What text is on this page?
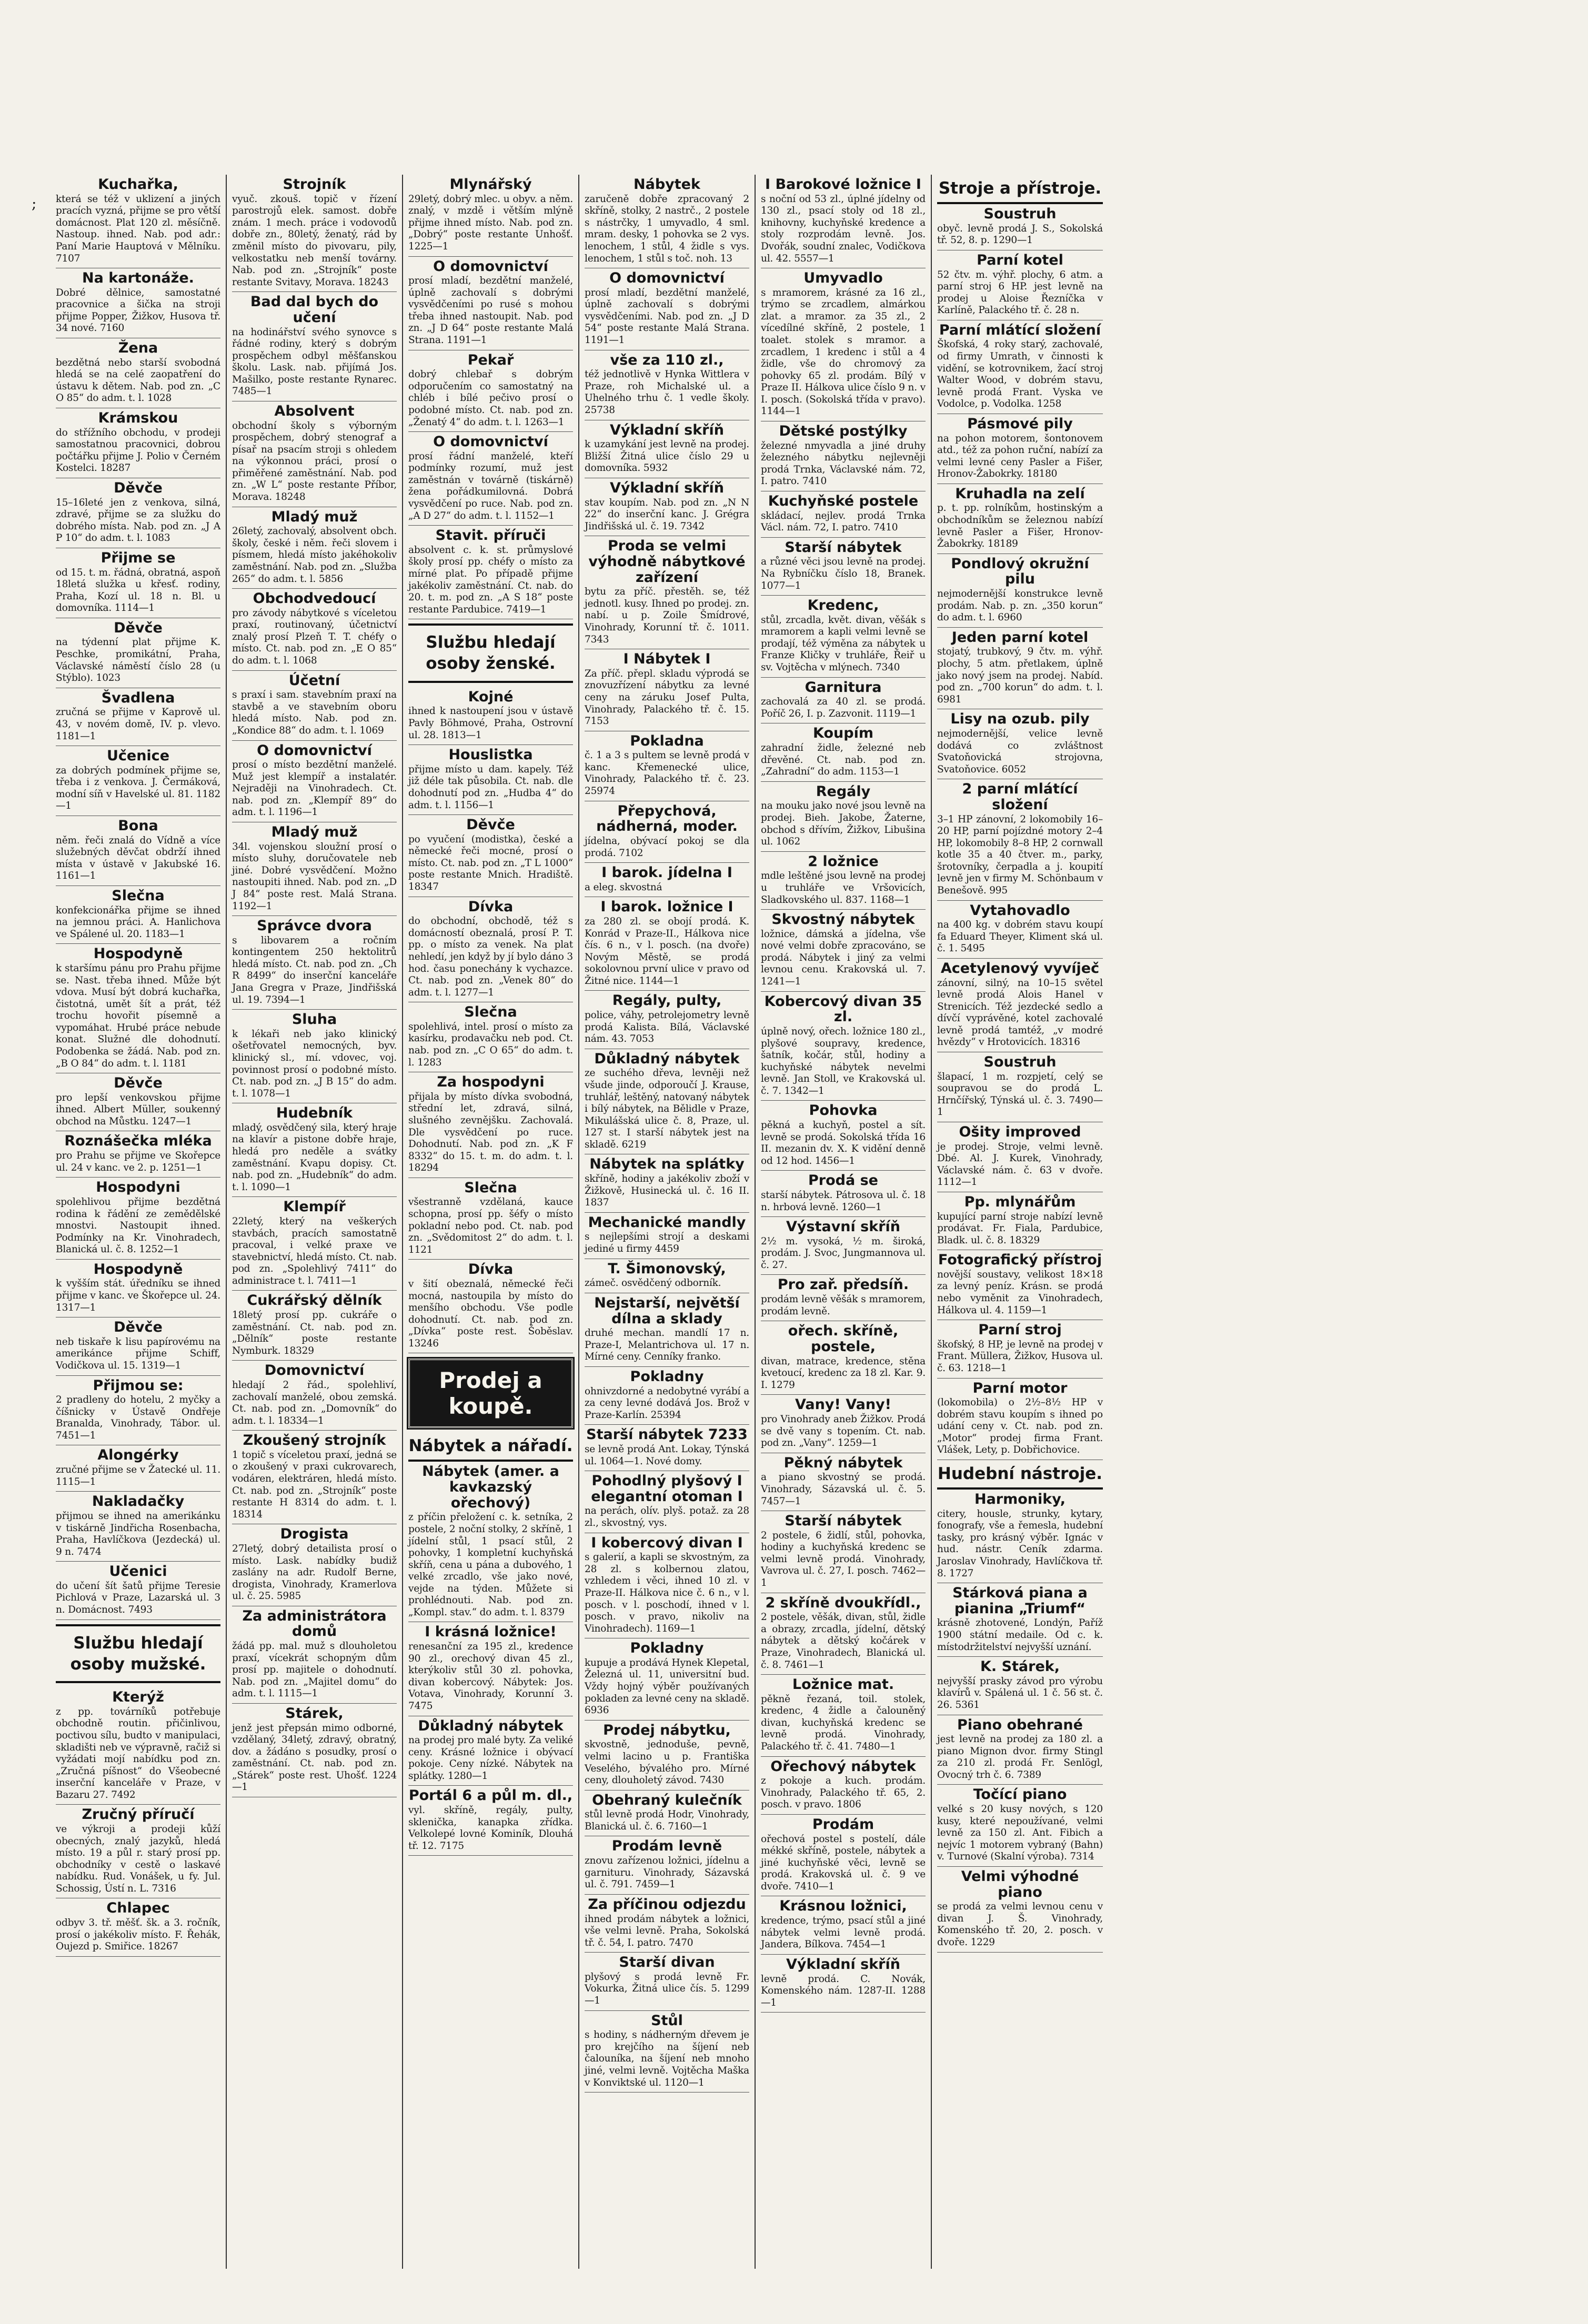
;
Kuchařka,
která se též v uklizení a jiných pracích vyzná, přijme se pro větší domácnost. Plat 120 zl. měsíčně. Nastoup. ihned. Nab. pod adr.: Paní Marie Hauptová v Mělníku. 7107
Na kartonáže.
Dobré dělnice, samostatné pracovnice a šička na stroji přijme Popper, Žižkov, Husova tř. 34 nové. 7160
Žena
bezdětná nebo starší svobodná hledá se na celé zaopatření do ústavu k dětem. Nab. pod zn. „C O 85“ do adm. t. l. 1028
Krámskou
do střížního obchodu, v prodeji samostatnou pracovnici, dobrou počtářku přijme J. Polio v Černém Kostelci. 18287
Děvče
15–16leté jen z venkova, silná, zdravé, přijme se za služku do dobrého místa. Nab. pod zn. „J A P 10“ do adm. t. l. 1083
Přijme se
od 15. t. m. řádná, obratná, aspoň 18letá služka u křesť. rodiny, Praha, Kozí ul. 18 n. Bl. u domovníka. 1114—1
Děvče
na týdenní plat přijme K. Peschke, promikátní, Praha, Václavské náměstí číslo 28 (u Stýblo). 1023
Švadlena
zručná se přijme v Kaprově ul. 43, v novém domě, IV. p. vlevo. 1181—1
Učenice
za dobrých podmínek přijme se, třeba i z venkova. J. Čermáková, modní síň v Havelské ul. 81. 1182—1
Bona
něm. řeči znalá do Vídně a více služebných děvčat obdrží ihned místa v ústavě v Jakubské 16. 1161—1
Slečna
konfekcionářka přijme se ihned na jemnou práci. A. Hanlichova ve Spálené ul. 20. 1183—1
Hospodyně
k staršímu pánu pro Prahu přijme se. Nast. třeba ihned. Může být vdova. Musí být dobrá kuchařka, čistotná, umět šít a prát, též trochu hovořit písemně a vypomáhat. Hrubé práce nebude konat. Služné dle dohodnutí. Podobenka se žádá. Nab. pod zn. „B O 84“ do adm. t. l. 1181
Děvče
pro lepší venkovskou přijme ihned. Albert Müller, soukenný obchod na Můstku. 1247—1
Roznášečka mléka
pro Prahu se přijme ve Skořepce ul. 24 v kanc. ve 2. p. 1251—1
Hospodyni
spolehlivou přijme bezdětná rodina k řádění ze zemědělské mnostvi. Nastoupit ihned. Podmínky na Kr. Vinohradech, Blanická ul. č. 8. 1252—1
Hospodyně
k vyšším stát. úředníku se ihned přijme v kanc. ve Škořepce ul. 24. 1317—1
Děvče
neb tiskaře k lisu papírovému na amerikánce přijme Schiff, Vodičkova ul. 15. 1319—1
Přijmou se:
2 pradleny do hotelu, 2 myčky a číšnicky v Ústavě Ondřeje Branalda, Vinohrady, Tábor. ul. 7451—1
Alongérky
zručné přijme se v Žatecké ul. 11. 1115—1
Nakladačky
přijmou se ihned na amerikánku v tiskárně Jindřicha Rosenbacha, Praha, Havlíčkova (Jezdecká) ul. 9 n. 7474
Učenici
do učení šít šatů přijme Teresie Pichlová v Praze, Lazarská ul. 3 n. Domácnost. 7493
Službu hledají osoby mužské.
Kterýž
z pp. továrníků potřebuje obchodně routin. přičinlivou, poctivou sílu, budto v manipulaci, skladišti neb ve výpravně, račiž si vyžádati mojí nabídku pod zn. „Zručná píšnost“ do Všeobecné inserční kanceláře v Praze, v Bazaru 27. 7492
Zručný příručí
ve výkroji a prodeji kůží obecných, znalý jazyků, hledá místo. 19 a půl r. starý prosí pp. obchodníky v cestě o laskavé nabídku. Rud. Vonášek, u fy. Jul. Schossig, Ústí n. L. 7316
Chlapec
odbyv 3. tř. měšť. šk. a 3. ročník, prosí o jakékoliv místo. F. Řehák, Oujezd p. Smiřice. 18267
Strojník
vyuč. zkouš. topič v řízení parostrojů elek. samost. dobře znám. 1 mech. práce i vodovodů dobře zn., 80letý, ženatý, rád by změnil místo do pivovaru, pily, velkostatku neb menší továrny. Nab. pod zn. „Strojník“ poste restante Svitavy, Morava. 18243
Bad dal bych do učení
na hodinářství svého synovce s řádné rodiny, který s dobrým prospěchem odbyl měšťanskou školu. Lask. nab. přijímá Jos. Mašilko, poste restante Rynarec. 7485—1
Absolvent
obchodní školy s výborným prospěchem, dobrý stenograf a písař na psacím stroji s ohledem na výkonnou práci, prosí o přiměřené zaměstnání. Nab. pod zn. „W L“ poste restante Příbor, Morava. 18248
Mladý muž
26letý, zachovalý, absolvent obch. školy, české i něm. řeči slovem i písmem, hledá místo jakéhokoliv zaměstnání. Nab. pod zn. „Služba 265“ do adm. t. l. 5856
Obchodvedoucí
pro závody nábytkové s víceletou praxí, routinovaný, účetnictví znalý prosí Plzeň T. T. chéfy o místo. Ct. nab. pod zn. „E O 85“ do adm. t. l. 1068
Účetní
s praxí i sam. stavebním praxí na stavbě a ve stavebním oboru hledá místo. Nab. pod zn. „Kondice 88“ do adm. t. l. 1069
O domovnictví
prosí o místo bezdětní manželé. Muž jest klempíř a instalatér. Nejraději na Vinohradech. Ct. nab. pod zn. „Klempíř 89“ do adm. t. l. 1196—1
Mladý muž
34l. vojenskou sloužní prosí o místo sluhy, doručovatele neb jiné. Dobré vysvědčení. Možno nastoupiti ihned. Nab. pod zn. „D J 84“ poste rest. Malá Strana. 1192—1
Správce dvora
s libovarem a ročním kontingentem 250 hektolitrů hledá místo. Ct. nab. pod zn. „Ch R 8499“ do inserční kanceláře Jana Gregra v Praze, Jindřišská ul. 19. 7394—1
Sluha
k lékaři neb jako klinický ošetřovatel nemocných, byv. klinický sl., mí. vdovec, voj. povinnost prosí o podobné místo. Ct. nab. pod zn. „J B 15“ do adm. t. l. 1078—1
Hudebník
mladý, osvědčený sila, který hraje na klavír a pistone dobře hraje, hledá pro neděle a svátky zaměstnání. Kvapu dopisy. Ct. nab. pod zn. „Hudebník“ do adm. t. l. 1090—1
Klempíř
22letý, který na veškerých stavbách, pracích samostatně pracoval, i velké praxe ve stavebnictví, hledá místo. Ct. nab. pod zn. „Spolehlivý 7411“ do administrace t. l. 7411—1
Cukrářský dělník
18letý prosí pp. cukráře o zaměstnání. Ct. nab. pod zn. „Dělník“ poste restante Nymburk. 18329
Domovnictví
hledají 2 řád., spolehliví, zachovalí manželé, obou zemská. Ct. nab. pod zn. „Domovník“ do adm. t. l. 18334—1
Zkoušený strojník
1 topič s víceletou praxí, jedná se o zkoušený v praxi cukrovarech, vodáren, elektráren, hledá místo. Ct. nab. pod zn. „Strojník“ poste restante H 8314 do adm. t. l. 18314
Drogista
27letý, dobrý detailista prosí o místo. Lask. nabídky budiž zaslány na adr. Rudolf Berne, drogista, Vinohrady, Kramerlova ul. č. 25. 5985
Za administrátora domů
žádá pp. mal. muž s dlouholetou praxí, vícekrát schopným dům prosí pp. majitele o dohodnutí. Nab. pod zn. „Majitel domu“ do adm. t. l. 1115—1
Stárek,
jenž jest přepsán mimo odborné, vzdělaný, 34letý, zdravý, obratný, dov. a žádáno s posudky, prosí o zaměstnání. Ct. nab. pod zn. „Stárek“ poste rest. Uhošť. 1224—1
Mlynářský
29letý, dobrý mlec. u obyv. a něm. znalý, v mzdě i větším mlýně přijme ihned místo. Nab. pod zn. „Dobrý“ poste restante Unhošť. 1225—1
O domovnictví
prosí mladí, bezdětní manželé, úplně zachovalí s dobrými vysvědčeními po rusé s mohou třeba ihned nastoupit. Nab. pod zn. „J D 64“ poste restante Malá Strana. 1191—1
Pekař
dobrý chlebař s dobrým odporučením co samostatný na chléb i bílé pečivo prosí o podobné místo. Ct. nab. pod zn. „Ženatý 4“ do adm. t. l. 1263—1
O domovnictví
prosí řádní manželé, kteří podmínky rozumí, muž jest zaměstnán v továrně (tiskárně) žena pořádkumilovná. Dobrá vysvědčení po ruce. Nab. pod zn. „A D 27“ do adm. t. l. 1152—1
Stavit. příruči
absolvent c. k. st. průmyslové školy prosí pp. chéfy o místo za mírné plat. Po případě přijme jakékoliv zaměstnání. Ct. nab. do 20. t. m. pod zn. „A S 18“ poste restante Pardubice. 7419—1
Službu hledají osoby ženské.
Kojné
ihned k nastoupení jsou v ústavě Pavly Böhmové, Praha, Ostrovní ul. 28. 1813—1
Houslistka
přijme místo u dam. kapely. Též již déle tak působila. Ct. nab. dle dohodnutí pod zn. „Hudba 4“ do adm. t. l. 1156—1
Děvče
po vyučení (modistka), české a německé řeči mocné, prosí o místo. Ct. nab. pod zn. „T L 1000“ poste restante Mnich. Hradiště. 18347
Dívka
do obchodní, obchodě, též s domácností obeznalá, prosí P. T. pp. o místo za venek. Na plat nehledí, jen když by jí bylo dáno 3 hod. času ponechány k vychazce. Ct. nab. pod zn. „Venek 80“ do adm. t. l. 1277—1
Slečna
spolehlivá, intel. prosí o místo za kasírku, prodavačku neb pod. Ct. nab. pod zn. „C O 65“ do adm. t. l. 1283
Za hospodyni
přijala by místo dívka svobodná, střední let, zdravá, silná, slušného zevnějšku. Zachovalá. Dle vysvědčení po ruce. Dohodnutí. Nab. pod zn. „K F 8332“ do 15. t. m. do adm. t. l. 18294
Slečna
všestranně vzdělaná, kauce schopna, prosí pp. šéfy o místo pokladní nebo pod. Ct. nab. pod zn. „Svědomitost 2“ do adm. t. l. 1121
Dívka
v šití obeznalá, německé řeči mocná, nastoupila by místo do menšího obchodu. Vše podle dohodnutí. Ct. nab. pod zn. „Dívka“ poste rest. Šoběslav. 13246
Prodej a koupě.
Nábytek a nářadí.
Nábytek (amer. a kavkazský ořechový)
z příčin přeložení c. k. setníka, 2 postele, 2 noční stolky, 2 skříně, 1 jídelní stůl, 1 psací stůl, 2 pohovky, 1 kompletní kuchyňská skříň, cena u pána a dubového, 1 velké zrcadlo, vše jako nové, vejde na týden. Můžete si prohlédnouti. Nab. pod zn. „Kompl. stav.“ do adm. t. l. 8379
I krásná ložnice!
renesanční za 195 zl., kredence 90 zl., orechový divan 45 zl., kterýkoliv stůl 30 zl. pohovka, divan kobercový. Nábytek: Jos. Votava, Vinohrady, Korunní 3. 7475
Důkladný nábytek
na prodej pro malé byty. Za veliké ceny. Krásné ložnice i obývací pokoje. Ceny nízké. Nábytek na splátky. 1280—1
Portál 6 a půl m. dl.,
vyl. skříně, regály, pulty, sklenička, kanapka zřídka. Velkolepé lovné Kominík, Dlouhá tř. 12. 7175
Nábytek
zaručeně dobře zpracovaný 2 skříně, stolky, 2 nastrč., 2 postele s nástrčky, 1 umyvadlo, 4 sml. mram. desky, 1 pohovka se 2 vys. lenochem, 1 stůl, 4 židle s vys. lenochem, 1 stůl s toč. noh. 13
O domovnictví
prosí mladí, bezdětní manželé, úplně zachovalí s dobrými vysvědčeními. Nab. pod zn. „J D 54“ poste restante Malá Strana. 1191—1
vše za 110 zl.,
též jednotlivě v Hynka Wittlera v Praze, roh Michalské ul. a Uhelného trhu č. 1 vedle školy. 25738
Výkladní skříň
k uzamykání jest levně na prodej. Bližší Žitná ulice číslo 29 u domovníka. 5932
Výkladní skříň
stav koupím. Nab. pod zn. „N N 22“ do inserční kanc. J. Grégra Jindřišská ul. č. 19. 7342
Proda se velmi výhodně nábytkové zařízení
bytu za příč. přestěh. se, též jednotl. kusy. Ihned po prodej. zn. nabí. u p. Zoile Šmídrové, Vinohrady, Korunní tř. č. 1011. 7343
I Nábytek I
Za příč. přepl. skladu výprodá se znovuzřízení nábytku za levné ceny na záruku Josef Pulta, Vinohrady, Palackého tř. č. 15. 7153
Pokladna
č. 1 a 3 s pultem se levně prodá v kanc. Křemenecké ulice, Vinohrady, Palackého tř. č. 23. 25974
Přepychová, nádherná, moder.
jídelna, obývací pokoj se dla prodá. 7102
I barok. jídelna I
a eleg. skvostná
I barok. ložnice I
za 280 zl. se obojí prodá. K. Konrád v Praze-II., Hálkova nice čís. 6 n., v l. posch. (na dvoře) Novým Městě, se prodá sokolovnou první ulice v pravo od Žitné nice. 1144—1
Regály, pulty,
police, váhy, petrolejometry levně prodá Kalista. Bílá, Václavské nám. 43. 7053
Důkladný nábytek
ze suchého dřeva, levněji než všude jinde, odporoučí J. Krause, truhlář, leštěný, natovaný nábytek i bílý nábytek, na Bělidle v Praze, Mikulášská ulice č. 8, Praze, ul. 127 st. I starší nábytek jest na skladě. 6219
Nábytek na splátky
skříně, hodiny a jakékoliv zboží v Žižkově, Husinecká ul. č. 16 II. 1837
Mechanické mandly
s nejlepšími strojí a deskami jediné u firmy 4459
T. Šimonovský,
zámeč. osvědčený odborník.
Nejstarší, největší dílna a sklady
druhé mechan. mandlí 17 n. Praze-I, Melantrichova ul. 17 n. Mírné ceny. Cenníky franko.
Pokladny
ohnivzdorné a nedobytné vyrábí a za ceny levné dodává Jos. Brož v Praze-Karlín. 25394
Starší nábytek 7233
se levně prodá Ant. Lokay, Týnská ul. 1064—1. Nové domy.
Pohodlný plyšový I elegantní otoman I
na perách, olív. plyš. potaž. za 28 zl., skvostný, vys.
I kobercový divan I
s galerií, a kapli se skvostným, za 28 zl. s kolbernou zlatou, vzhledem i věci, ihned 10 zl. v Praze-II. Hálkova nice č. 6 n., v l. posch. v l. poschodí, ihned v l. posch. v pravo, nikoliv na Vinohradech). 1169—1
Pokladny
kupuje a prodává Hynek Klepetal, Železná ul. 11, universitní bud. Vždy hojný výběr používaných pokladen za levné ceny na skladě. 6936
Prodej nábytku,
skvostně, jednoduše, pevně, velmi lacino u p. Františka Veselého, bývalého pro. Mírné ceny, dlouholetý závod. 7430
Obehraný kulečník
stůl levně prodá Hodr, Vinohrady, Blanická ul. č. 6. 7160—1
Prodám levně
znovu zařízenou ložnici, jídelnu a garnituru. Vinohrady, Sázavská ul. č. 791. 7459—1
Za příčinou odjezdu
ihned prodám nábytek a ložnici, vše velmi levně. Praha, Sokolská tř. č. 54, I. patro. 7470
Starší divan
plyšový s prodá levně Fr. Vokurka, Žitná ulice čís. 5. 1299—1
Stůl
s hodiny, s nádherným dřevem je pro krejčího na šíjení neb čalouníka, na šíjení neb mnoho jiné, velmi levně. Vojtěcha Maška v Konviktské ul. 1120—1
I Barokové ložnice I
s noční od 53 zl., úplné jídelny od 130 zl., psací stoly od 18 zl., knihovny, kuchyňské kredence a stoly rozprodám levně. Jos. Dvořák, soudní znalec, Vodičkova ul. 42. 5557—1
Umyvadlo
s mramorem, krásné za 16 zl., trýmo se zrcadlem, almárkou zlat. a mramor. za 35 zl., 2 vícedílné skříně, 2 postele, 1 toalet. stolek s mramor. a zrcadlem, 1 kredenc i stůl a 4 židle, vše do chromový za pohovky 65 zl. prodám. Bílý v Praze II. Hálkova ulice číslo 9 n. v I. posch. (Sokolská třída v pravo). 1144—1
Dětské postýlky
železné nmyvadla a jiné druhy železného nábytku nejlevněji prodá Trnka, Václavské nám. 72, I. patro. 7410
Kuchyňské postele
skládací, nejlev. prodá Trnka Václ. nám. 72, I. patro. 7410
Starší nábytek
a různé věci jsou levně na prodej. Na Rybníčku číslo 18, Branek. 1077—1
Kredenc,
stůl, zrcadla, květ. divan, věšák s mramorem a kapli velmi levně se prodají, též výměna za nábytek u Franze Kličky v truhláře, Řeiř u sv. Vojtěcha v mlýnech. 7340
Garnitura
zachovalá za 40 zl. se prodá. Poříč 26, I. p. Zazvonit. 1119—1
Koupím
zahradní židle, železné neb dřevěné. Ct. nab. pod zn. „Zahradní“ do adm. 1153—1
Regály
na mouku jako nové jsou levně na prodej. Bieh. Jakobe, Žaterne, obchod s dřívím, Žižkov, Libušina ul. 1062
2 ložnice
mdle leštěné jsou levně na prodej u truhláře ve Vršovicích, Sladkovského ul. 837. 1168—1
Skvostný nábytek
ložnice, dámská a jídelna, vše nové velmi dobře zpracováno, se prodá. Nábytek i jiný za velmi levnou cenu. Krakovská ul. 7. 1241—1
Kobercový divan 35 zl.
úplně nový, ořech. ložnice 180 zl., plyšové soupravy, kredence, šatník, kočár, stůl, hodiny a kuchyňské nábytek nevelmi levně. Jan Stoll, ve Krakovská ul. č. 7. 1342—1
Pohovka
pěkná a kuchyň, postel a sít. levně se prodá. Sokolská třída 16 II. mezanin dv. X. K vidění denně od 12 hod. 1456—1
Prodá se
starší nábytek. Pátrosova ul. č. 18 n. hrbová levně. 1260—1
Výstavní skříň
2½ m. vysoká, ½ m. široká, prodám. J. Svoc, Jungmannova ul. č. 27.
Pro zař. předsíň.
prodám levně věšák s mramorem, prodám levně.
ořech. skříně, postele,
divan, matrace, kredence, stěna kvetoucí, kredenc za 18 zl. Kar. 9. I. 1279
Vany! Vany!
pro Vinohrady aneb Žižkov. Prodá se dvě vany s topením. Ct. nab. pod zn. „Vany“. 1259—1
Pěkný nábytek
a piano skvostný se prodá. Vinohrady, Sázavská ul. č. 5. 7457—1
Starší nábytek
2 postele, 6 židlí, stůl, pohovka, hodiny a kuchyňská kredenc se velmi levně prodá. Vinohrady, Vavrova ul. č. 27, I. posch. 7462—1
2 skříně dvoukřídl.,
2 postele, věšák, divan, stůl, židle a obrazy, zrcadla, jídelní, dětský nábytek a dětský kočárek v Praze, Vinohradech, Blanická ul. č. 8. 7461—1
Ložnice mat.
pěkně řezaná, toil. stolek, kredenc, 4 židle a čalouněný divan, kuchyňská kredenc se levně prodá. Vinohrady, Palackého tř. č. 41. 7480—1
Ořechový nábytek
z pokoje a kuch. prodám. Vinohrady, Palackého tř. 65, 2. posch. v pravo. 1806
Prodám
ořechová postel s postelí, dále mékké skříně, postele, nábytek a jiné kuchyňské věci, levně se prodá. Krakovská ul. č. 9 ve dvoře. 7410—1
Krásnou ložnici,
kredence, trýmo, psací stůl a jiné nábytek velmi levně prodá. Jandera, Bílkova. 7454—1
Výkladní skříň
levně prodá. C. Novák, Komenského nám. 1287-II. 1288—1
Stroje a přístroje.
Soustruh
obyč. levně prodá J. S., Sokolská tř. 52, 8. p. 1290—1
Parní kotel
52 čtv. m. výhř. plochy, 6 atm. a parní stroj 6 HP. jest levně na prodej u Aloise Řezníčka v Karlíně, Palackého tř. č. 28 n.
Parní mlátící složení
Škofská, 4 roky starý, zachovalé, od firmy Umrath, v činnosti k vidění, se kotrovnikem, žací stroj Walter Wood, v dobrém stavu, levně prodá Frant. Vyska ve Vodolce, p. Vodolka. 1258
Pásmové pily
na pohon motorem, šontonovem atd., též za pohon ruční, nabízí za velmi levné ceny Pasler a Fišer, Hronov-Žabokrky. 18180
Kruhadla na zelí
p. t. pp. rolníkům, hostinským a obchodníkům se železnou nabízí levně Pasler a Fišer, Hronov-Žabokrky. 18189
Pondlový okružní pilu
nejmodernější konstrukce levně prodám. Nab. p. zn. „350 korun“ do adm. t. l. 6960
Jeden parní kotel
stojatý, trubkový, 9 čtv. m. výhř. plochy, 5 atm. přetlakem, úplně jako nový jsem na prodej. Nabíd. pod zn. „700 korun“ do adm. t. l. 6981
Lisy na ozub. pily
nejmodernější, velice levně dodává co zvláštnost Svatoňovická strojovna, Svatoňovice. 6052
2 parní mlátící složení
3–1 HP zánovní, 2 lokomobily 16–20 HP, parní pojízdné motory 2–4 HP, lokomobily 8–8 HP, 2 cornwall kotle 35 a 40 čtver. m., parky, šrotovníky, čerpadla a j. koupití levně jen v firmy M. Schönbaum v Benešově. 995
Vytahovadlo
na 400 kg. v dobrém stavu koupí fa Eduard Theyer, Kliment ská ul. č. 1. 5495
Acetylenový vyvíječ
zánovní, silný, na 10–15 světel levně prodá Alois Hanel v Strenicích. Též jezdecké sedlo a dívčí vyprávěné, kotel zachovalé levně prodá tamtéž, „v modré hvězdy“ v Hrotovicích. 18316
Soustruh
šlapací, 1 m. rozpjetí, celý se soupravou se do prodá L. Hrnčířský, Týnská ul. č. 3. 7490—1
Ošity improved
je prodej. Stroje, velmi levně. Dbé. Al. J. Kurek, Vinohrady, Václavské nám. č. 63 v dvoře. 1112—1
Pp. mlynářům
kupující parní stroje nabízí levně prodávat. Fr. Fiala, Pardubice, Bladk. ul. č. 8. 18329
Fotografický přístroj
novější soustavy, velikost 18×18 za levný peníz. Krásn. se prodá nebo vyměnit za Vinohradech, Hálkova ul. 4. 1159—1
Parní stroj
škofský, 8 HP, je levně na prodej v Frant. Müllera, Žižkov, Husova ul. č. 63. 1218—1
Parní motor
(lokomobila) o 2½–8½ HP v dobrém stavu koupím s ihned po udání ceny v. Ct. nab. pod zn. „Motor“ prodej firma Frant. Vlášek, Lety, p. Dobřichovice.
Hudební nástroje.
Harmoniky,
citery, housle, strunky, kytary, fonografy, vše a řemesla, hudební tasky, pro krásný výběr. Ignác v hud. nástr. Ceník zdarma. Jaroslav Vinohrady, Havlíčkova tř. 8. 1727
Stárková piana a pianina „Triumf“
krásně zhotovené, Londýn, Paříž 1900 státní medaile. Od c. k. místodržitelství nejvyšší uznání.
K. Stárek,
nejvyšší prasky závod pro výrobu klavírů v. Spálená ul. 1 č. 56 st. č. 26. 5361
Piano obehrané
jest levně na prodej za 180 zl. a piano Mignon dvor. firmy Stingl za 210 zl. prodá Fr. Senlögl, Ovocný trh č. 6. 7389
Točící piano
velké s 20 kusy nových, s 120 kusy, které nepoužívané, velmi levně za 150 zl. Ant. Fibich a nejvíc 1 motorem vybraný (Bahn) v. Turnové (Skalní výroba). 7314
Velmi výhodné piano
se prodá za velmi levnou cenu v divan J. Š. Vinohrady, Komenského tř. 20, 2. posch. v dvoře. 1229
